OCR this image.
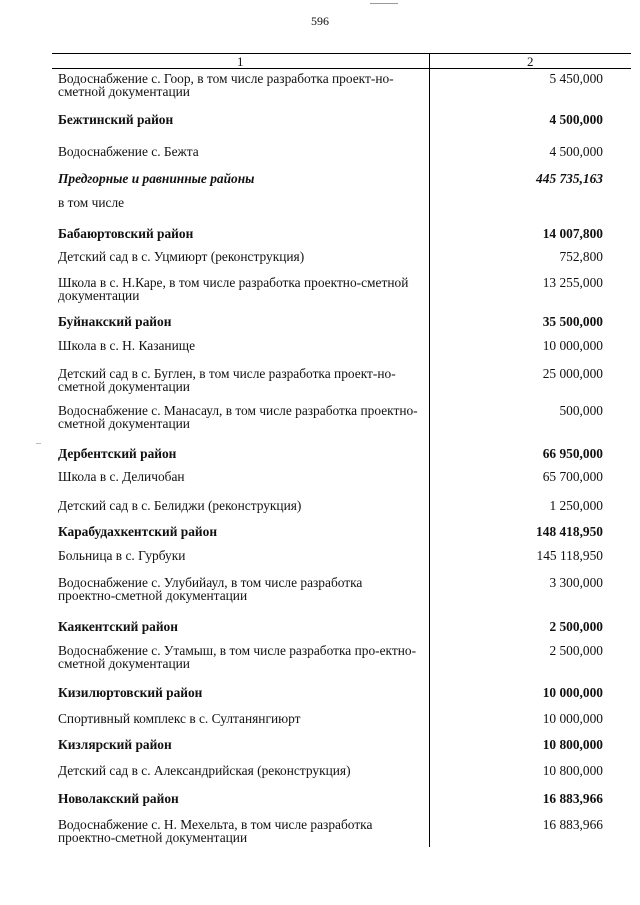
596
1	2
Водоснабжение с. Гоор, в том числе разработка проект-но-сметной документации	5 450,000
Бежтинский район	4 500,000
Водоснабжение с. Бежта	4 500,000
Предгорные и равнинные районы	445 735,163
в том числе	
Бабаюртовский район	14 007,800
Детский сад в с. Уцмиюрт (реконструкция)	752,800
Школа в с. Н.Каре, в том числе разработка проектно-сметной документации	13 255,000
Буйнакский район	35 500,000
Школа в с. Н. Казанище	10 000,000
Детский сад в с. Буглен, в том числе разработка проект-но-сметной документации	25 000,000
Водоснабжение с. Манасаул, в том числе разработка проектно-сметной документации	500,000
Дербентский район	66 950,000
Школа в с. Деличобан	65 700,000
Детский сад в с. Белиджи (реконструкция)	1 250,000
Карабудахкентский район	148 418,950
Больница в с. Гурбуки	145 118,950
Водоснабжение с. Улубийаул, в том числе разработка проектно-сметной документации	3 300,000
Каякентский район	2 500,000
Водоснабжение с. Утамыш, в том числе разработка про-ектно-сметной документации	2 500,000
Кизилюртовский район	10 000,000
Спортивный комплекс в с. Султанянгиюрт	10 000,000
Кизлярский район	10 800,000
Детский сад в с. Александрийская (реконструкция)	10 800,000
Новолакский район	16 883,966
Водоснабжение с. Н. Мехельта, в том числе разработка проектно-сметной документации	16 883,966
